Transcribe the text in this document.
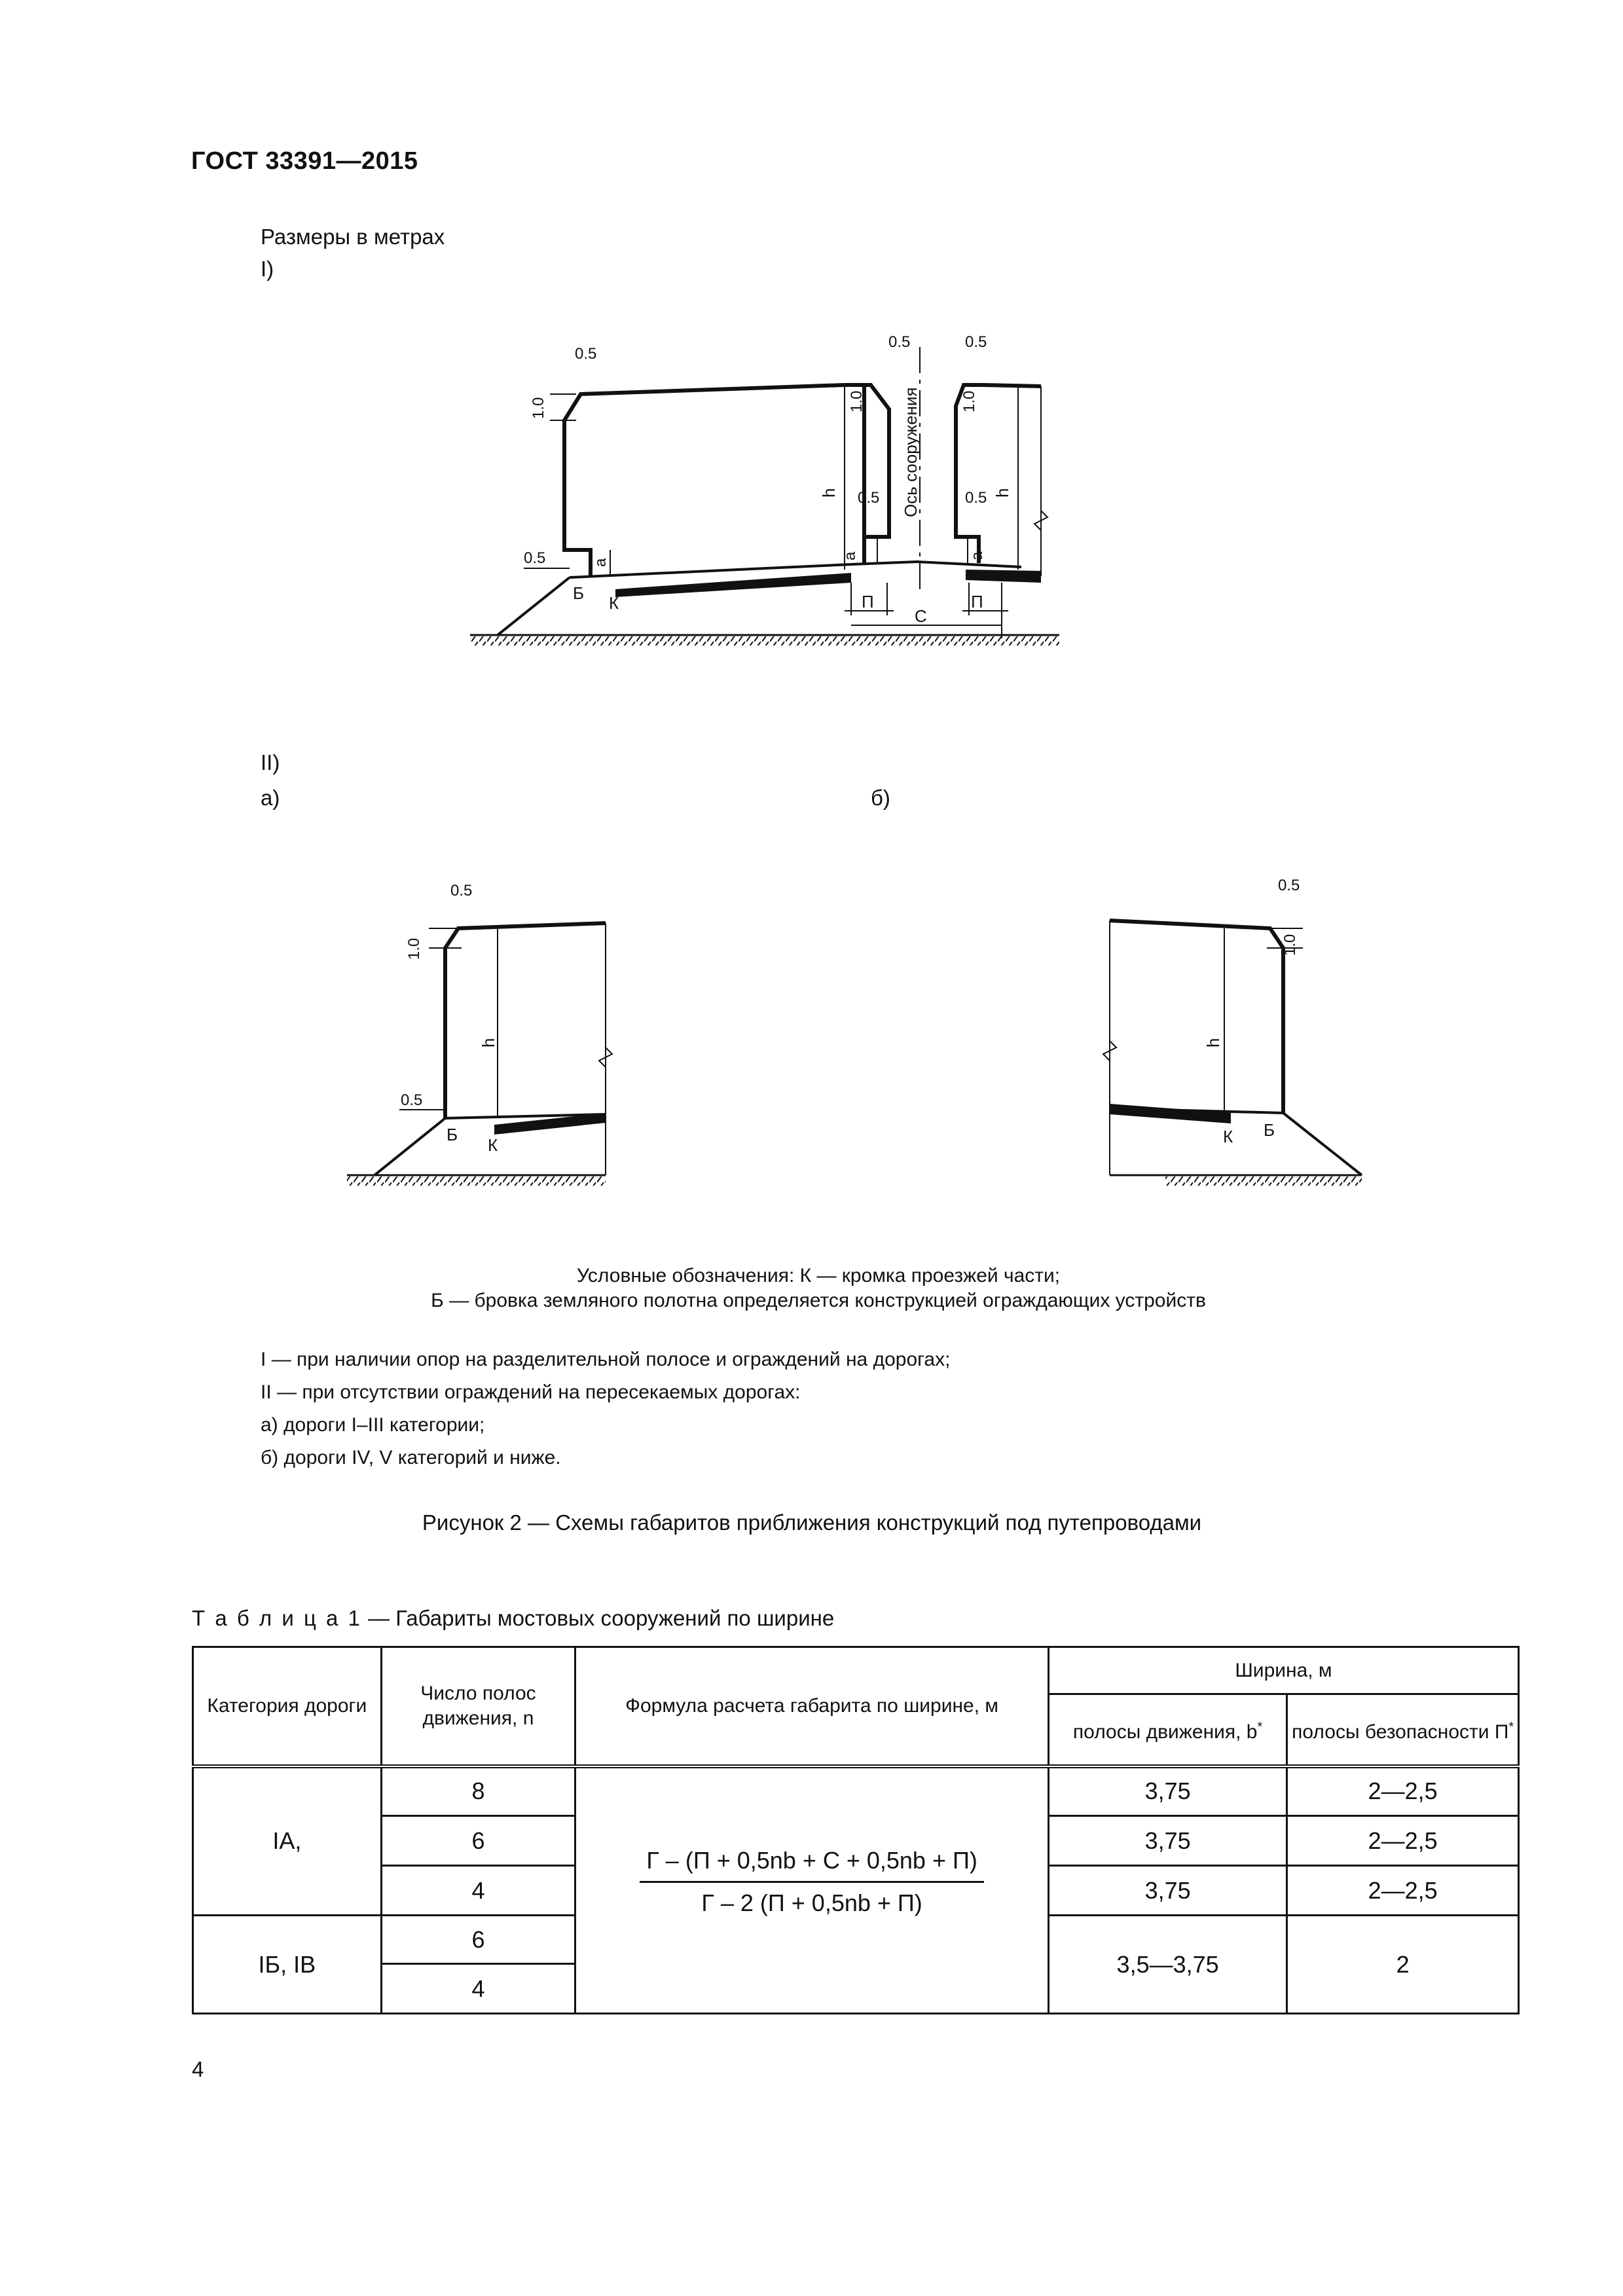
ГОСТ 33391—2015
Размеры в метрах
I)
II)
а)	б)
Ось сооружения
h	h
0.5
1.0
0.5
0.5
1.0
0.5
1.0
0.5	0.5
а
а	а
Б К	П	П
С
h
0.5
1.0
0.5
Б
К
h
0.5
1.0
Б
К
Условные обозначения: К — кромка проезжей части;
Б — бровка земляного полотна определяется конструкцией ограждающих устройств
I — при наличии опор на разделительной полосе и ограждений на дорогах;
II — при отсутствии ограждений на пересекаемых дорогах:
а) дороги I–III категории;
б) дороги IV, V категорий и ниже.
Рисунок 2 — Схемы габаритов приближения конструкций под путепроводами
Т а б л и ц а 1 — Габариты мостовых сооружений по ширине
Категория дороги	Число полос движения, n	Формула расчета габарита по ширине, м	Ширина, м	
			полосы движения, b*	полосы безопасности П*
IА,	8	$\frac{Г - (П + 0,5nb + С + 0,5nb + П)}{Г - 2 (П + 0,5nb + П)}$	3,75	2—2,5
	6		3,75	2—2,5
	4		3,75	2—2,5
IБ, IВ	6		3,5—3,75	2
	4			
4
